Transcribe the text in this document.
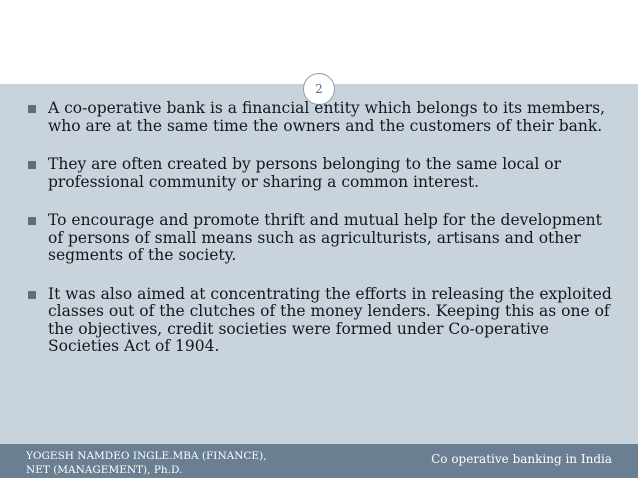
2
A co-operative bank is a financial entity which belongs to its members, who are at the same time the owners and the customers of their bank.
They are often created by persons belonging to the same local or professional community or sharing a common interest.
To encourage and promote thrift and mutual help for the development of persons of small means such as agriculturists, artisans and other segments of the society.
It was also aimed at concentrating the efforts in releasing the exploited classes out of the clutches of the money lenders. Keeping this as one of the objectives, credit societies were formed under Co-operative Societies Act of 1904.
YOGESH NAMDEO INGLE.MBA (FINANCE), NET (MANAGEMENT), Ph.D.
Co operative banking in India
